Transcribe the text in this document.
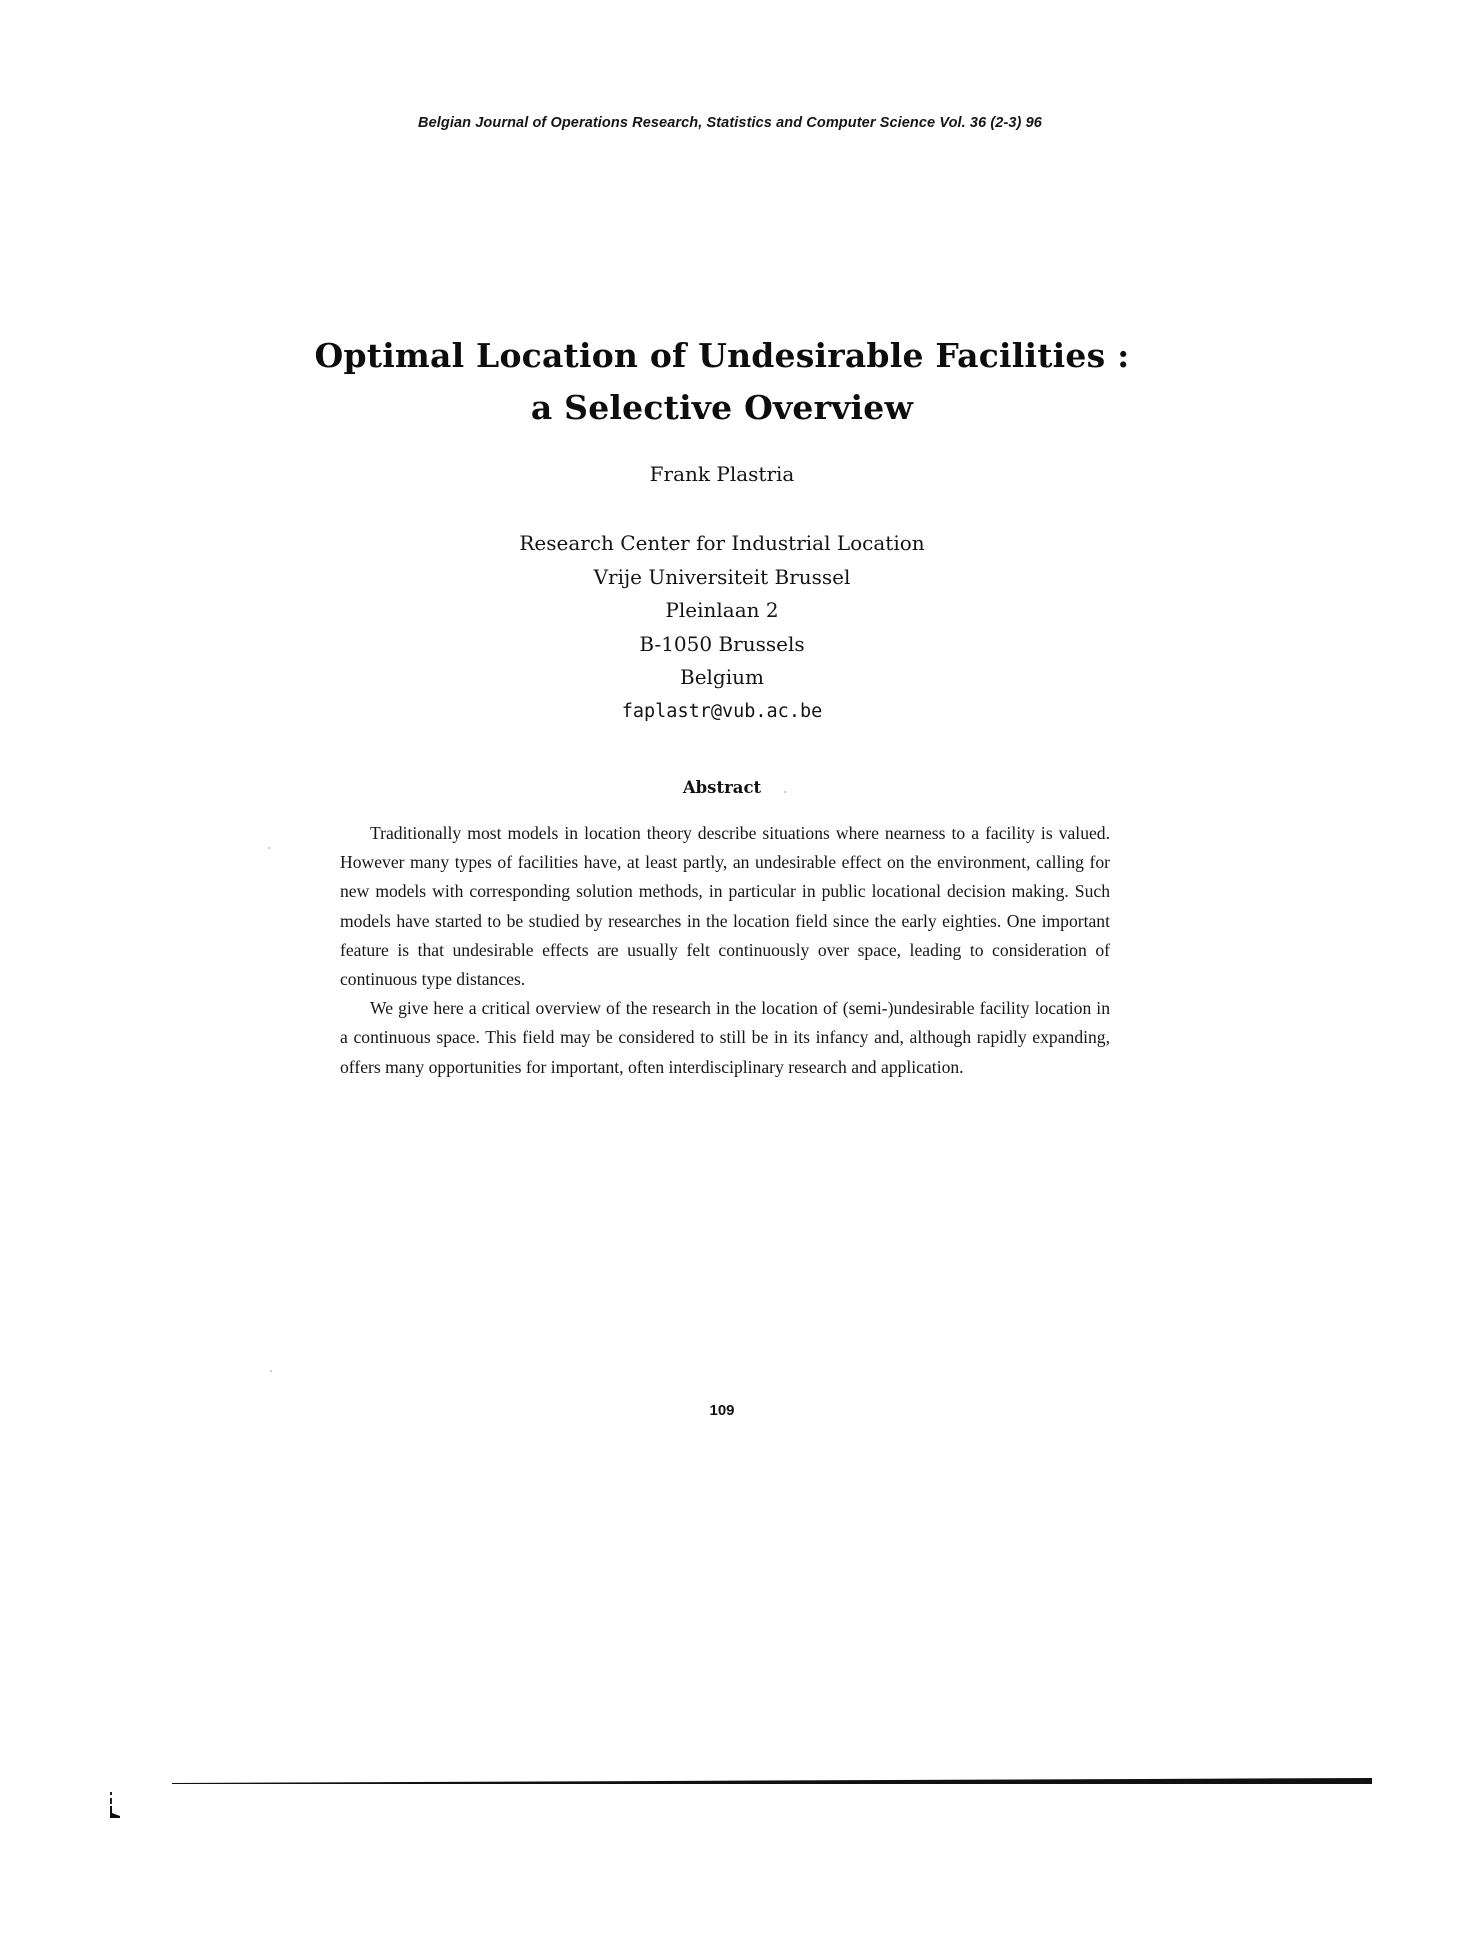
Belgian Journal of Operations Research, Statistics and Computer Science Vol. 36 (2-3) 96
Optimal Location of Undesirable Facilities :
a Selective Overview
Frank Plastria
Research Center for Industrial Location
Vrije Universiteit Brussel
Pleinlaan 2
B-1050 Brussels
Belgium
faplastr@vub.ac.be
Abstract

Traditionally most models in location theory describe situations where nearness to a facility is valued. However many types of facilities have, at least partly, an undesirable effect on the environment, calling for new models with corresponding solution methods, in particular in public locational decision making. Such models have started to be studied by researches in the location field since the early eighties. One important feature is that undesirable effects are usually felt continuously over space, leading to consideration of continuous type distances.

We give here a critical overview of the research in the location of (semi-)undesirable facility location in a continuous space. This field may be considered to still be in its infancy and, although rapidly expanding, offers many opportunities for important, often interdisciplinary research and application.

109
